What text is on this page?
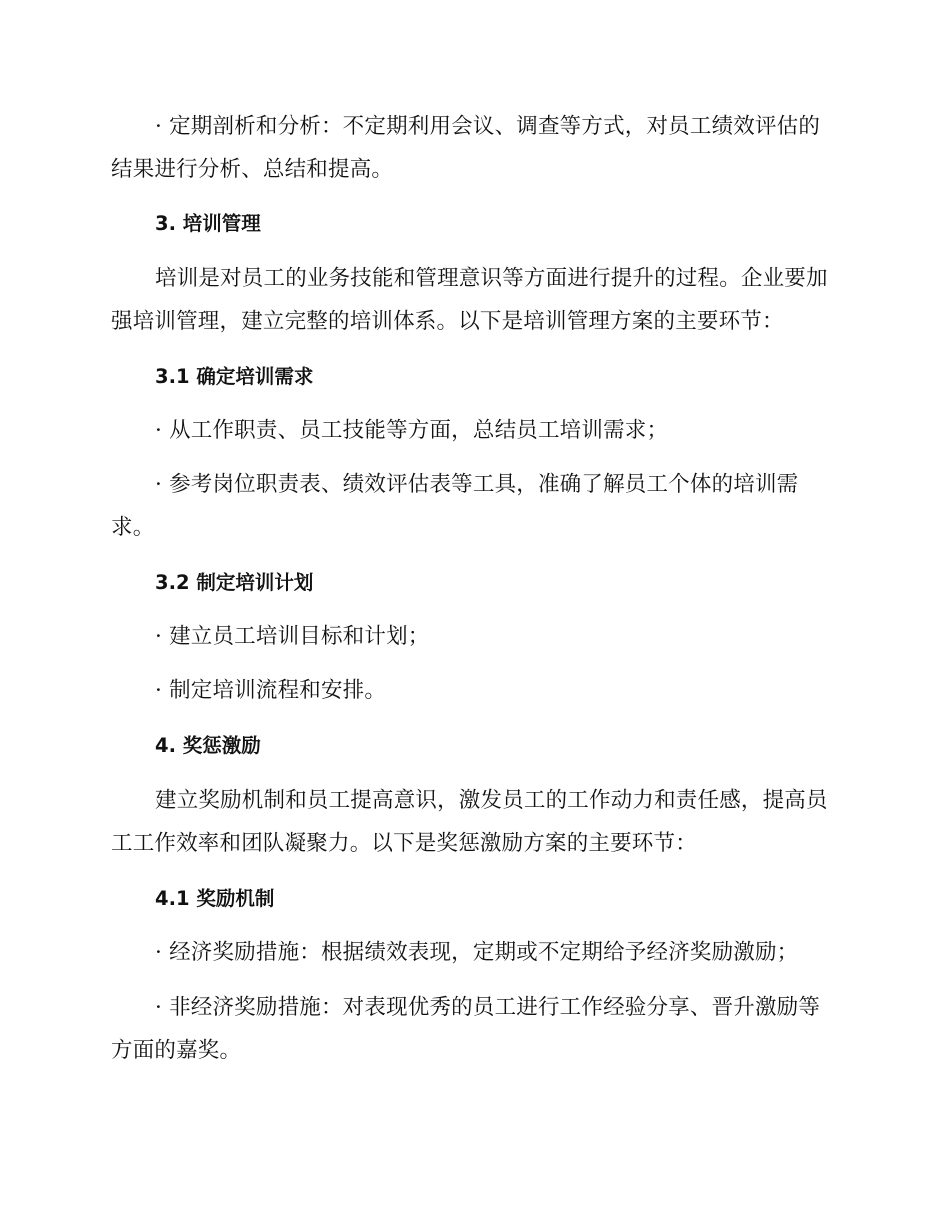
· 定期剖析和分析：不定期利用会议、调查等方式，对员工绩效评估的
结果进行分析、总结和提高。
3. 培训管理
培训是对员工的业务技能和管理意识等方面进行提升的过程。企业要加
强培训管理，建立完整的培训体系。以下是培训管理方案的主要环节：
3.1 确定培训需求
· 从工作职责、员工技能等方面，总结员工培训需求；
· 参考岗位职责表、绩效评估表等工具，准确了解员工个体的培训需
求。
3.2 制定培训计划
· 建立员工培训目标和计划；
· 制定培训流程和安排。
4. 奖惩激励
建立奖励机制和员工提高意识，激发员工的工作动力和责任感，提高员
工工作效率和团队凝聚力。以下是奖惩激励方案的主要环节：
4.1 奖励机制
· 经济奖励措施：根据绩效表现，定期或不定期给予经济奖励激励；
· 非经济奖励措施：对表现优秀的员工进行工作经验分享、晋升激励等
方面的嘉奖。
